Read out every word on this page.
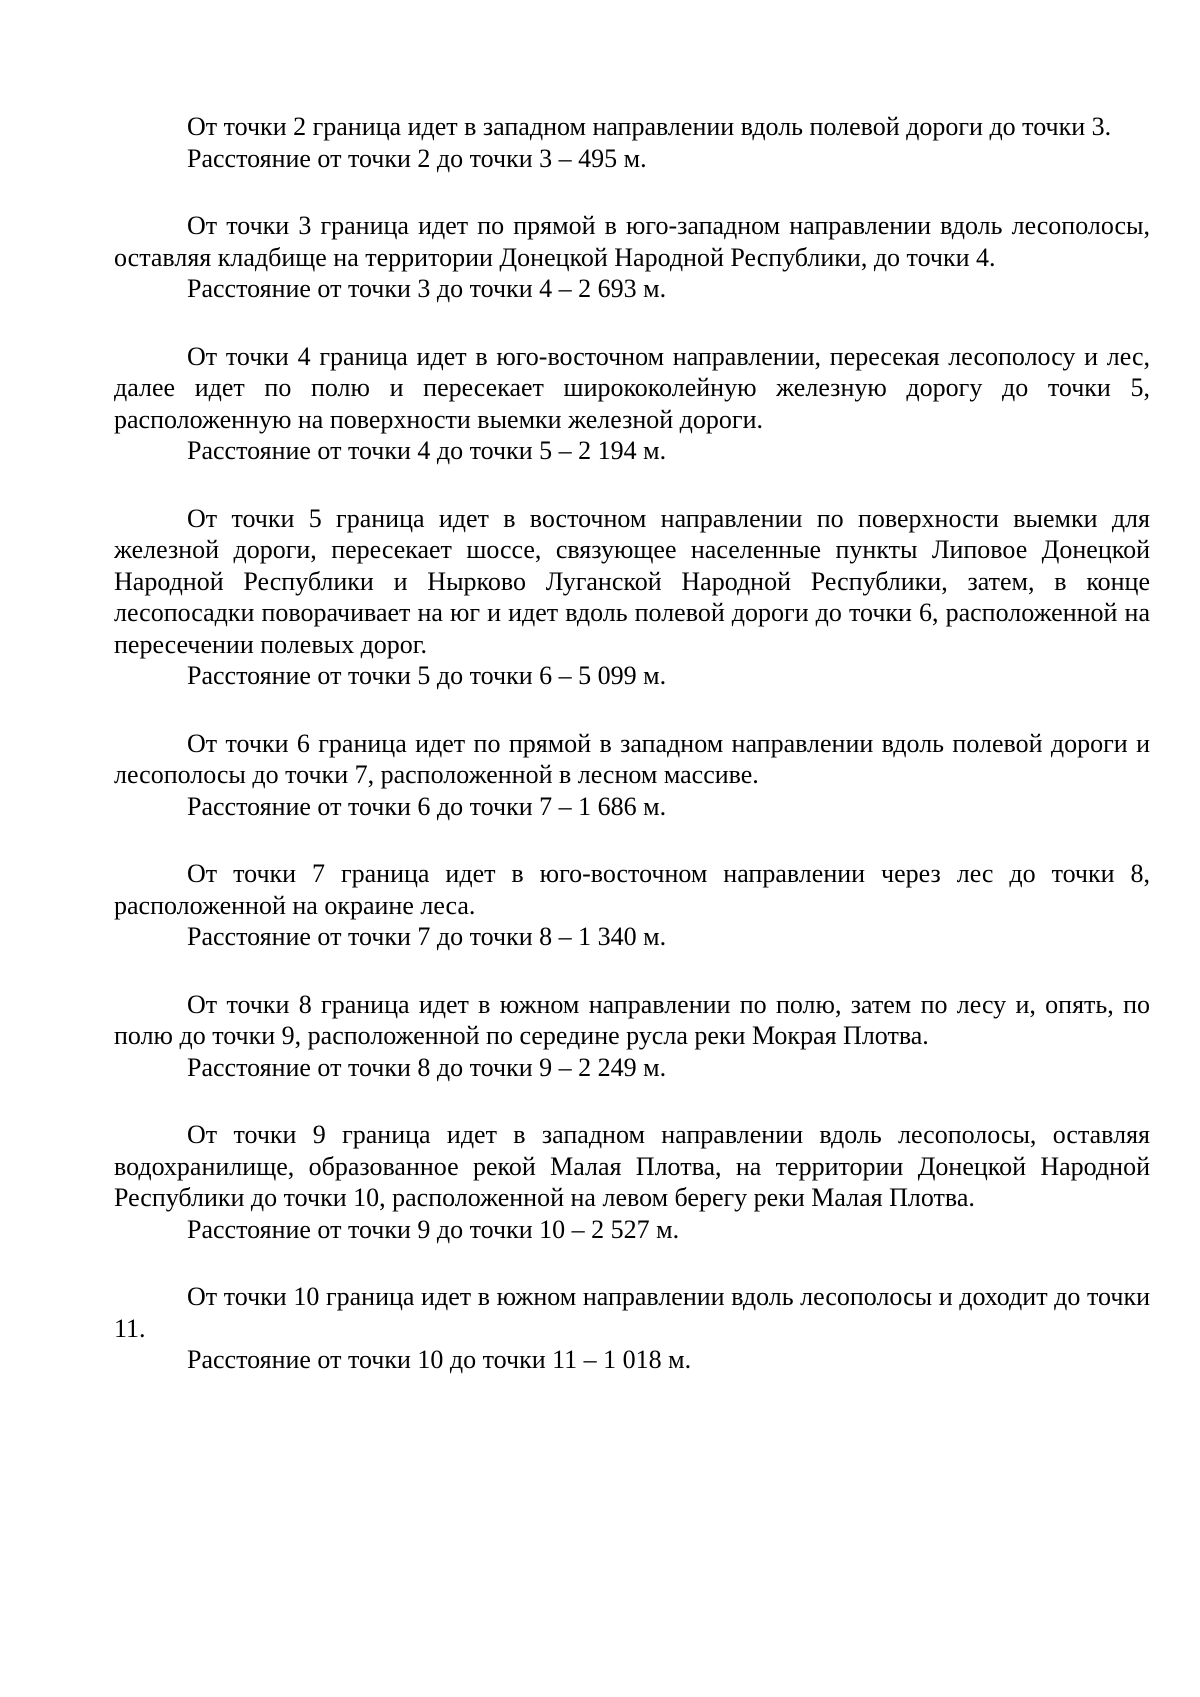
От точки 2 граница идет в западном направлении вдоль полевой дороги до точки 3.

Расстояние от точки 2 до точки 3 – 495 м.

От точки 3 граница идет по прямой в юго-западном направлении вдоль лесополосы, оставляя кладбище на территории Донецкой Народной Республики, до точки 4.

Расстояние от точки 3 до точки 4 – 2 693 м.

От точки 4 граница идет в юго-восточном направлении, пересекая лесополосу и лес, далее идет по полю и пересекает ширококолейную железную дорогу до точки 5, расположенную на поверхности выемки железной дороги.

Расстояние от точки 4 до точки 5 – 2 194 м.

От точки 5 граница идет в восточном направлении по поверхности выемки для железной дороги, пересекает шоссе, связующее населенные пункты Липовое Донецкой Народной Республики и Нырково Луганской Народной Республики, затем, в конце лесопосадки поворачивает на юг и идет вдоль полевой дороги до точки 6, расположенной на пересечении полевых дорог.

Расстояние от точки 5 до точки 6 – 5 099 м.

От точки 6 граница идет по прямой в западном направлении вдоль полевой дороги и лесополосы до точки 7, расположенной в лесном массиве.

Расстояние от точки 6 до точки 7 – 1 686 м.

От точки 7 граница идет в юго-восточном направлении через лес до точки 8, расположенной на окраине леса.

Расстояние от точки 7 до точки 8 – 1 340 м.

От точки 8 граница идет в южном направлении по полю, затем по лесу и, опять, по полю до точки 9, расположенной по середине русла реки Мокрая Плотва.

Расстояние от точки 8 до точки 9 – 2 249 м.

От точки 9 граница идет в западном направлении вдоль лесополосы, оставляя водохранилище, образованное рекой Малая Плотва, на территории Донецкой Народной Республики до точки 10, расположенной на левом берегу реки Малая Плотва.

Расстояние от точки 9 до точки 10 – 2 527 м.

От точки 10 граница идет в южном направлении вдоль лесополосы и доходит до точки 11.

Расстояние от точки 10 до точки 11 – 1 018 м.
